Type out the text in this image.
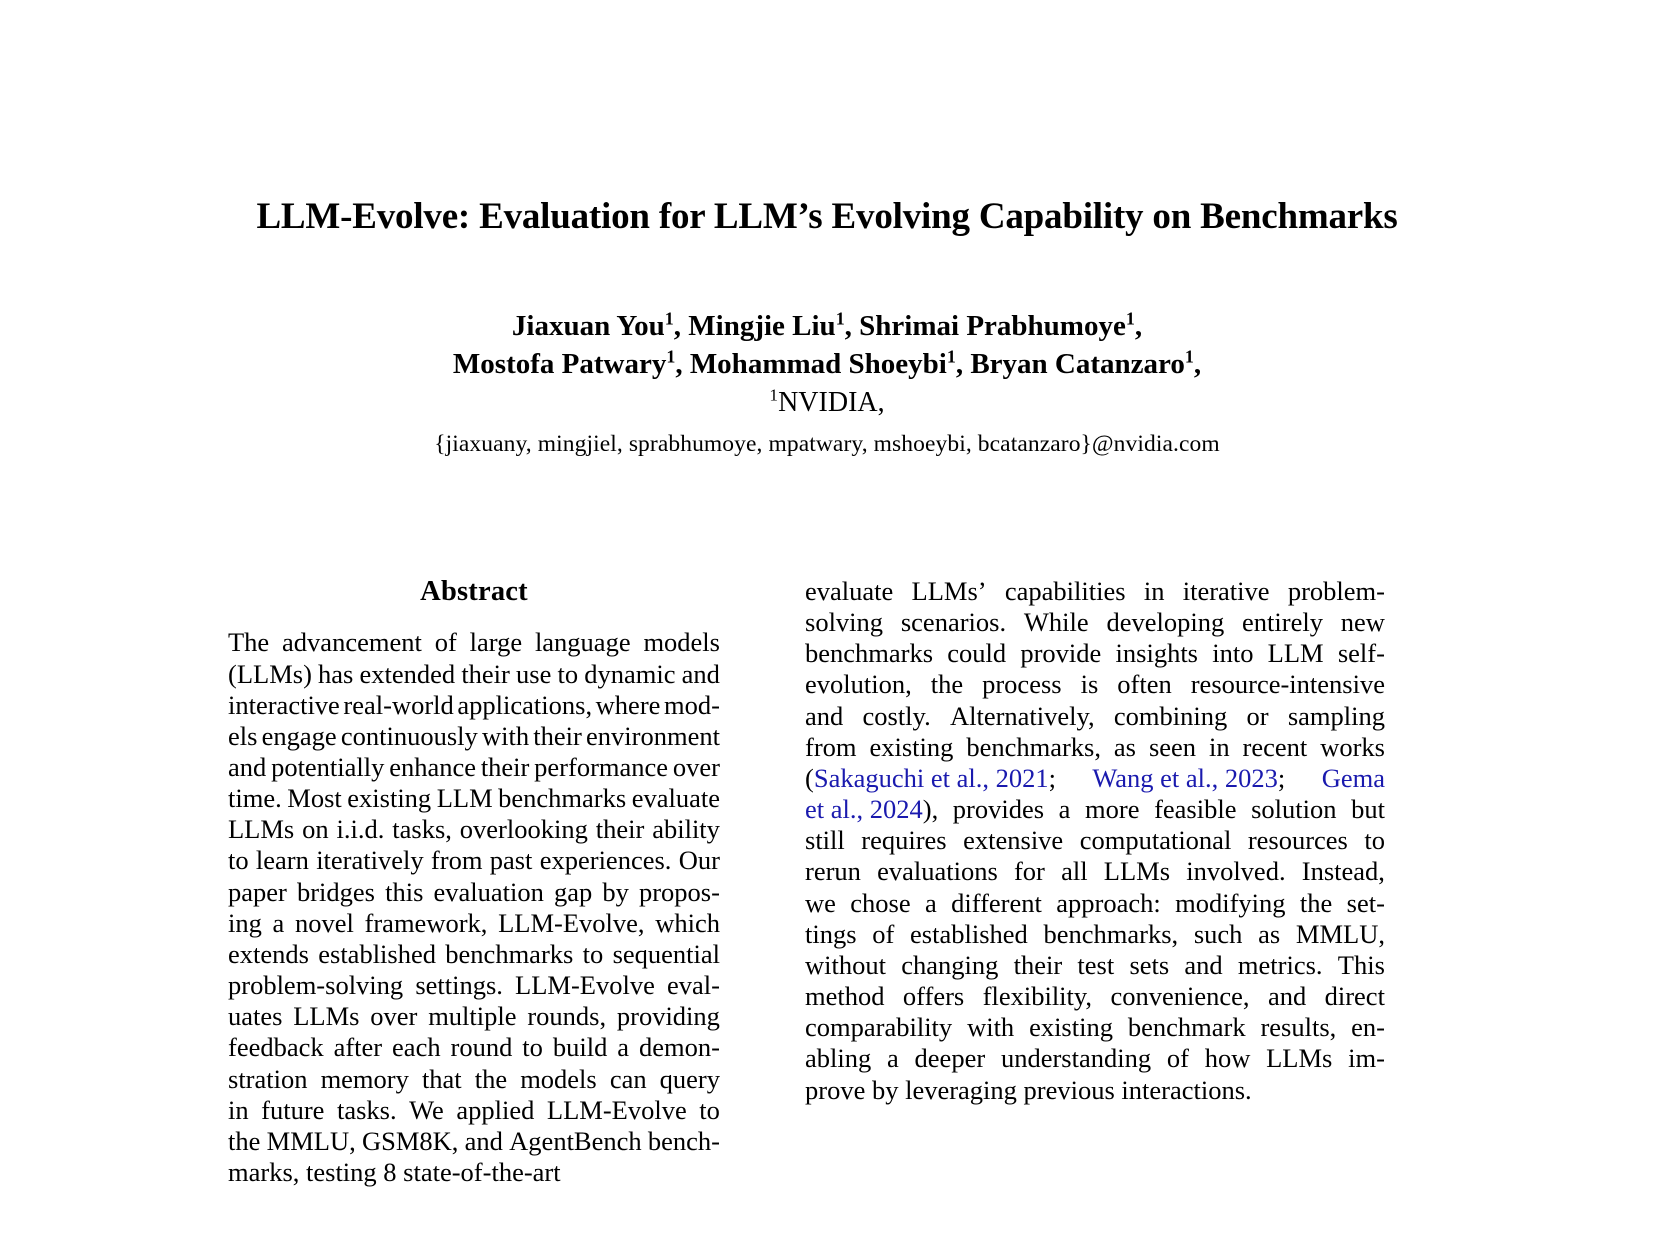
LLM-Evolve: Evaluation for LLM’s Evolving Capability on Benchmarks
Jiaxuan You$^1$, Mingjie Liu$^1$, Shrimai Prabhumoye$^1$,
Mostofa Patwary$^1$, Mohammad Shoeybi$^1$, Bryan Catanzaro$^1$,
$^1$NVIDIA,
{jiaxuany, mingjiel, sprabhumoye, mpatwary, mshoeybi, bcatanzaro}@nvidia.com
Abstract
The advancement of large language models
(LLMs) has extended their use to dynamic and
interactive real-world applications, where mod-
els engage continuously with their environment
and potentially enhance their performance over
time. Most existing LLM benchmarks evaluate
LLMs on i.i.d. tasks, overlooking their ability
to learn iteratively from past experiences. Our
paper bridges this evaluation gap by propos-
ing a novel framework, LLM-Evolve, which
extends established benchmarks to sequential
problem-solving settings. LLM-Evolve eval-
uates LLMs over multiple rounds, providing
feedback after each round to build a demon-
stration memory that the models can query
in future tasks. We applied LLM-Evolve to
the MMLU, GSM8K, and AgentBench bench-
marks, testing 8 state-of-the-art
evaluate LLMs’ capabilities in iterative problem-
solving scenarios. While developing entirely new
benchmarks could provide insights into LLM self-
evolution, the process is often resource-intensive
and costly. Alternatively, combining or sampling
from existing benchmarks, as seen in recent works
(Sakaguchi et al., 2021; Wang et al., 2023; Gema
et al., 2024), provides a more feasible solution but
still requires extensive computational resources to
rerun evaluations for all LLMs involved. Instead,
we chose a different approach: modifying the set-
tings of established benchmarks, such as MMLU,
without changing their test sets and metrics. This
method offers flexibility, convenience, and direct
comparability with existing benchmark results, en-
abling a deeper understanding of how LLMs im-
prove by leveraging previous interactions.
